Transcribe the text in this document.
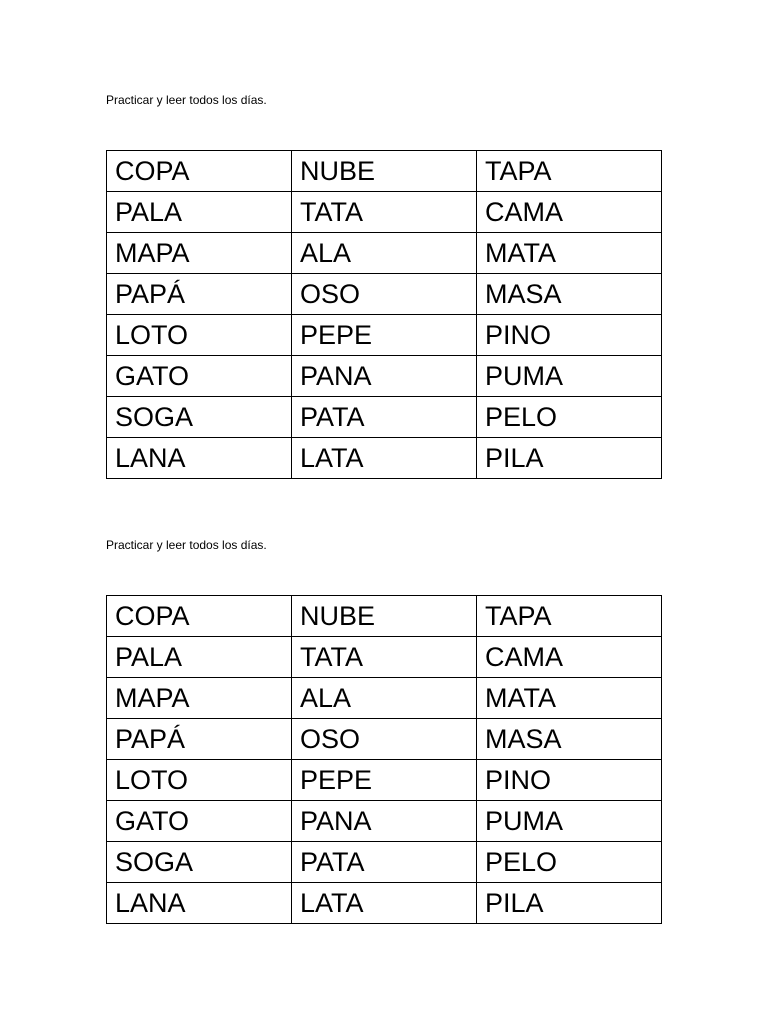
Practicar y leer todos los días.

COPA	NUBE	TAPA
PALA	TATA	CAMA
MAPA	ALA	MATA
PAPÁ	OSO	MASA
LOTO	PEPE	PINO
GATO	PANA	PUMA
SOGA	PATA	PELO
LANA	LATA	PILA

Practicar y leer todos los días.

COPA	NUBE	TAPA
PALA	TATA	CAMA
MAPA	ALA	MATA
PAPÁ	OSO	MASA
LOTO	PEPE	PINO
GATO	PANA	PUMA
SOGA	PATA	PELO
LANA	LATA	PILA
